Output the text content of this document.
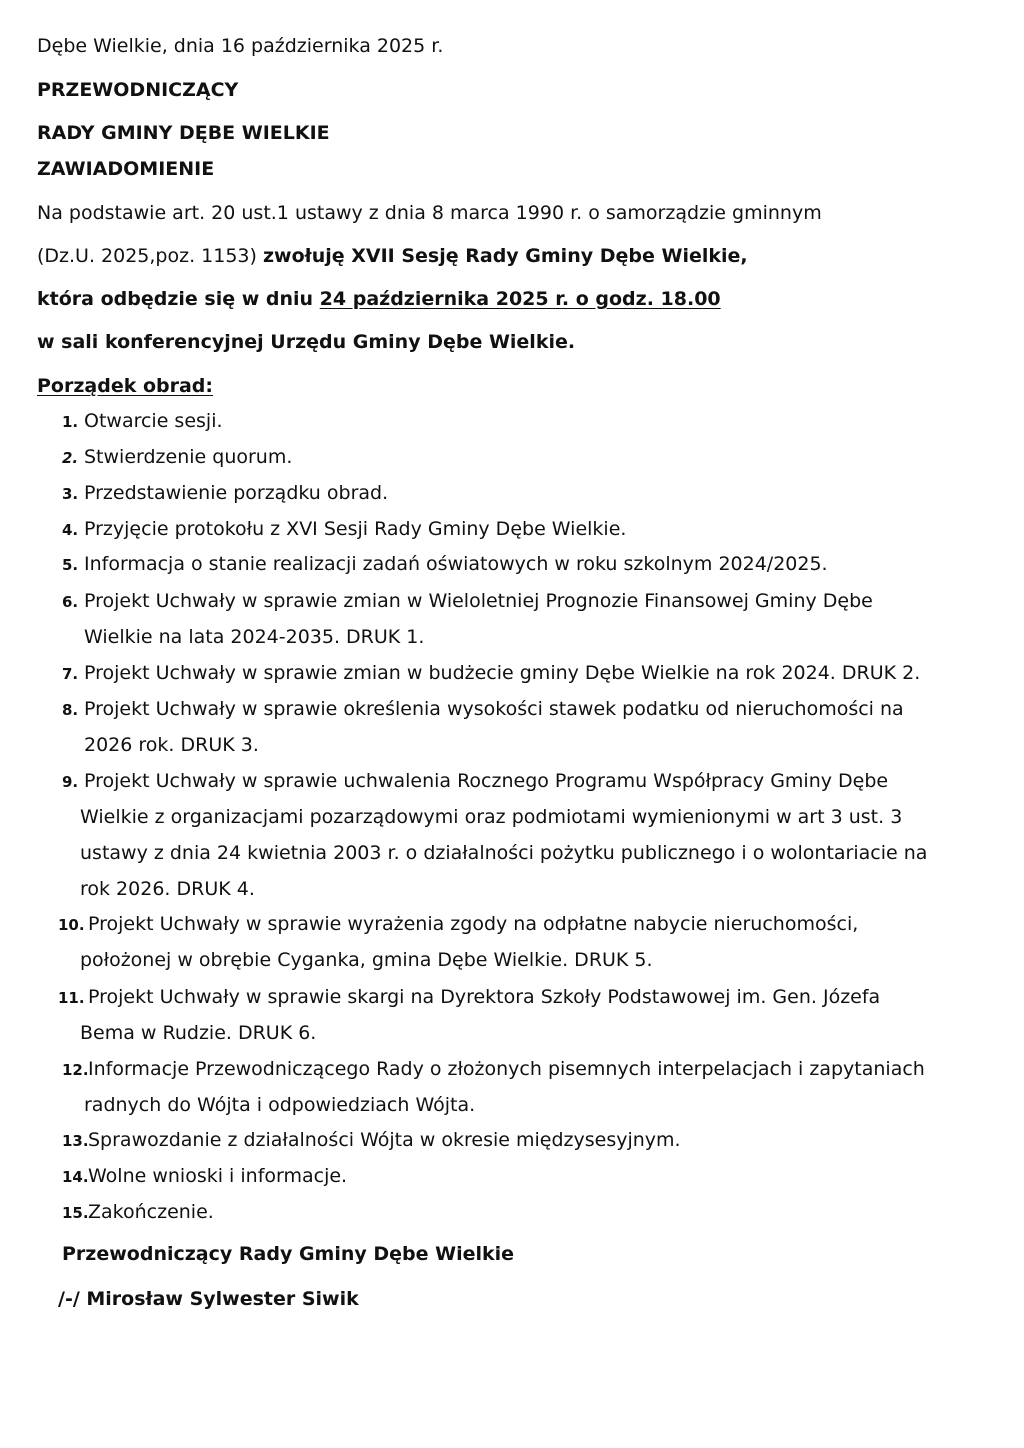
Dębe Wielkie, dnia 16 października 2025 r.
PRZEWODNICZĄCY
RADY GMINY DĘBE WIELKIE
ZAWIADOMIENIE
Na podstawie art. 20 ust.1 ustawy z dnia 8 marca 1990 r. o samorządzie gminnym
(Dz.U. 2025,poz. 1153) zwołuję XVII Sesję Rady Gminy Dębe Wielkie,
która odbędzie się w dniu 24 października 2025 r. o godz. 18.00
w sali konferencyjnej Urzędu Gminy Dębe Wielkie.
Porządek obrad:
1. Otwarcie sesji.
2. Stwierdzenie quorum.
3. Przedstawienie porządku obrad.
4. Przyjęcie protokołu z XVI Sesji Rady Gminy Dębe Wielkie.
5. Informacja o stanie realizacji zadań oświatowych w roku szkolnym 2024/2025.
6. Projekt Uchwały w sprawie zmian w Wieloletniej Prognozie Finansowej Gminy Dębe
Wielkie na lata 2024-2035. DRUK 1.
7. Projekt Uchwały w sprawie zmian w budżecie gminy Dębe Wielkie na rok 2024. DRUK 2.
8. Projekt Uchwały w sprawie określenia wysokości stawek podatku od nieruchomości na
2026 rok. DRUK 3.
9. Projekt Uchwały w sprawie uchwalenia Rocznego Programu Współpracy Gminy Dębe
Wielkie z organizacjami pozarządowymi oraz podmiotami wymienionymi w art 3 ust. 3
ustawy z dnia 24 kwietnia 2003 r. o działalności pożytku publicznego i o wolontariacie na
rok 2026. DRUK 4.
10. Projekt Uchwały w sprawie wyrażenia zgody na odpłatne nabycie nieruchomości,
położonej w obrębie Cyganka, gmina Dębe Wielkie. DRUK 5.
11. Projekt Uchwały w sprawie skargi na Dyrektora Szkoły Podstawowej im. Gen. Józefa
Bema w Rudzie. DRUK 6.
12. Informacje Przewodniczącego Rady o złożonych pisemnych interpelacjach i zapytaniach
radnych do Wójta i odpowiedziach Wójta.
13. Sprawozdanie z działalności Wójta w okresie międzysesyjnym.
14. Wolne wnioski i informacje.
15. Zakończenie.
Przewodniczący Rady Gminy Dębe Wielkie
/-/ Mirosław Sylwester Siwik
